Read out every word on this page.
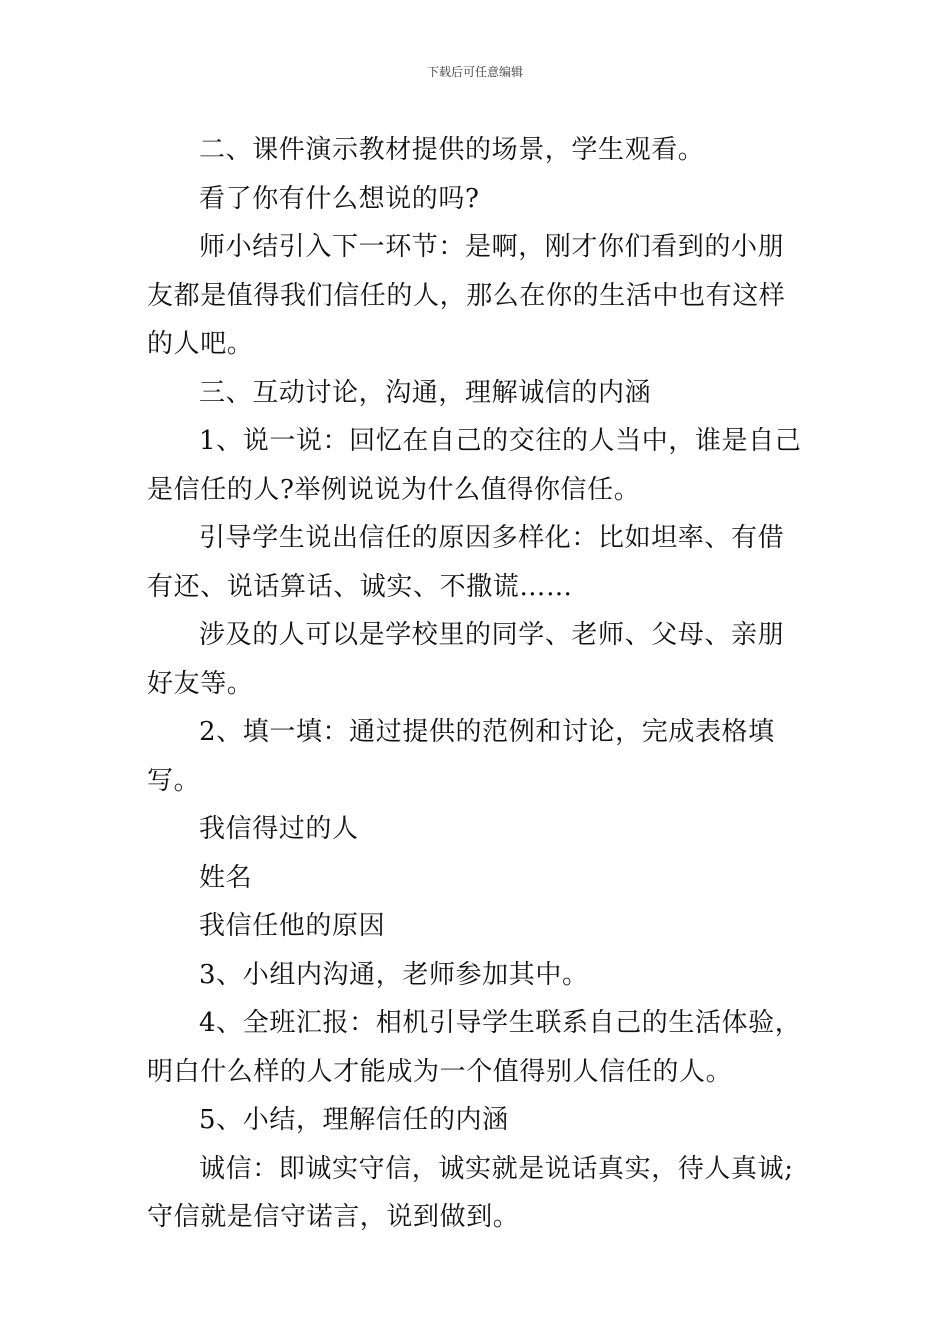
下载后可任意编辑

二、课件演示教材提供的场景，学生观看。

看了你有什么想说的吗?

师小结引入下一环节：是啊，刚才你们看到的小朋友都是值得我们信任的人，那么在你的生活中也有这样的人吧。

三、互动讨论，沟通，理解诚信的内涵

1、说一说：回忆在自己的交往的人当中，谁是自己是信任的人?举例说说为什么值得你信任。

引导学生说出信任的原因多样化：比如坦率、有借有还、说话算话、诚实、不撒谎……

涉及的人可以是学校里的同学、老师、父母、亲朋好友等。

2、填一填：通过提供的范例和讨论，完成表格填写。

我信得过的人

姓名

我信任他的原因

3、小组内沟通，老师参加其中。

4、全班汇报：相机引导学生联系自己的生活体验，明白什么样的人才能成为一个值得别人信任的人。

5、小结，理解信任的内涵

诚信：即诚实守信，诚实就是说话真实，待人真诚;守信就是信守诺言，说到做到。
